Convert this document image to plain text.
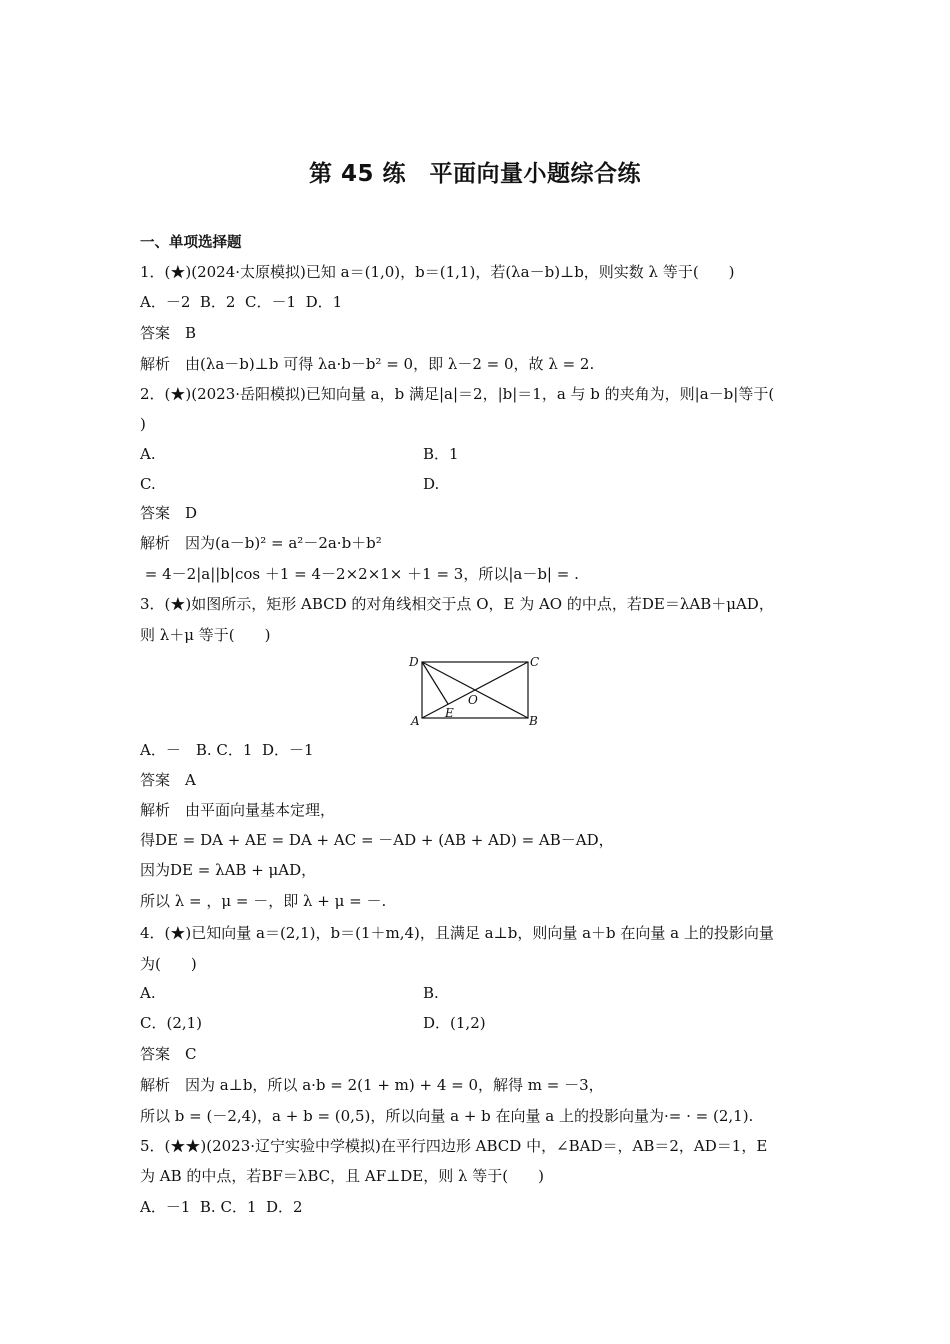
第 45 练　平面向量小题综合练
一、单项选择题
1．(★)(2024·太原模拟)已知 a＝(1,0)，b＝(1,1)，若(λa－b)⊥b，则实数 λ 等于(　　)
A．－2  B．2  C．－1  D．1
答案　B
解析　由(λa－b)⊥b 可得 λa·b－b² = 0，即 λ－2 = 0，故 λ = 2.
2．(★)(2023·岳阳模拟)已知向量 a，b 满足|a|＝2，|b|＝1，a 与 b 的夹角为，则|a－b|等于(
)
A.	B．1
C.	D.
答案　D
解析　因为(a－b)² = a²－2a·b＋b²
= 4－2|a||b|cos ＋1 = 4－2×2×1× ＋1 = 3，所以|a－b| = .
3．(★)如图所示，矩形 ABCD 的对角线相交于点 O，E 为 AO 的中点，若DE＝λAB＋μAD，
则 λ＋μ 等于(　　)
D	C
O
E
A	B
A．－　B. C．1  D．－1
答案　A
解析　由平面向量基本定理，
得DE = DA + AE = DA + AC = －AD + (AB + AD) = AB－AD，
因为DE = λAB + μAD，
所以 λ = ，μ = －，即 λ + μ = －.
4．(★)已知向量 a＝(2,1)，b＝(1＋m,4)，且满足 a⊥b，则向量 a＋b 在向量 a 上的投影向量
为(　　)
A.	B.
C．(2,1)	D．(1,2)
答案　C
解析　因为 a⊥b，所以 a·b = 2(1 + m) + 4 = 0，解得 m = －3，
所以 b = (－2,4)，a + b = (0,5)，所以向量 a + b 在向量 a 上的投影向量为·= · = (2,1).
5．(★★)(2023·辽宁实验中学模拟)在平行四边形 ABCD 中，∠BAD＝，AB＝2，AD＝1，E
为 AB 的中点，若BF＝λBC，且 AF⊥DE，则 λ 等于(　　)
A．－1  B. C．1  D．2
